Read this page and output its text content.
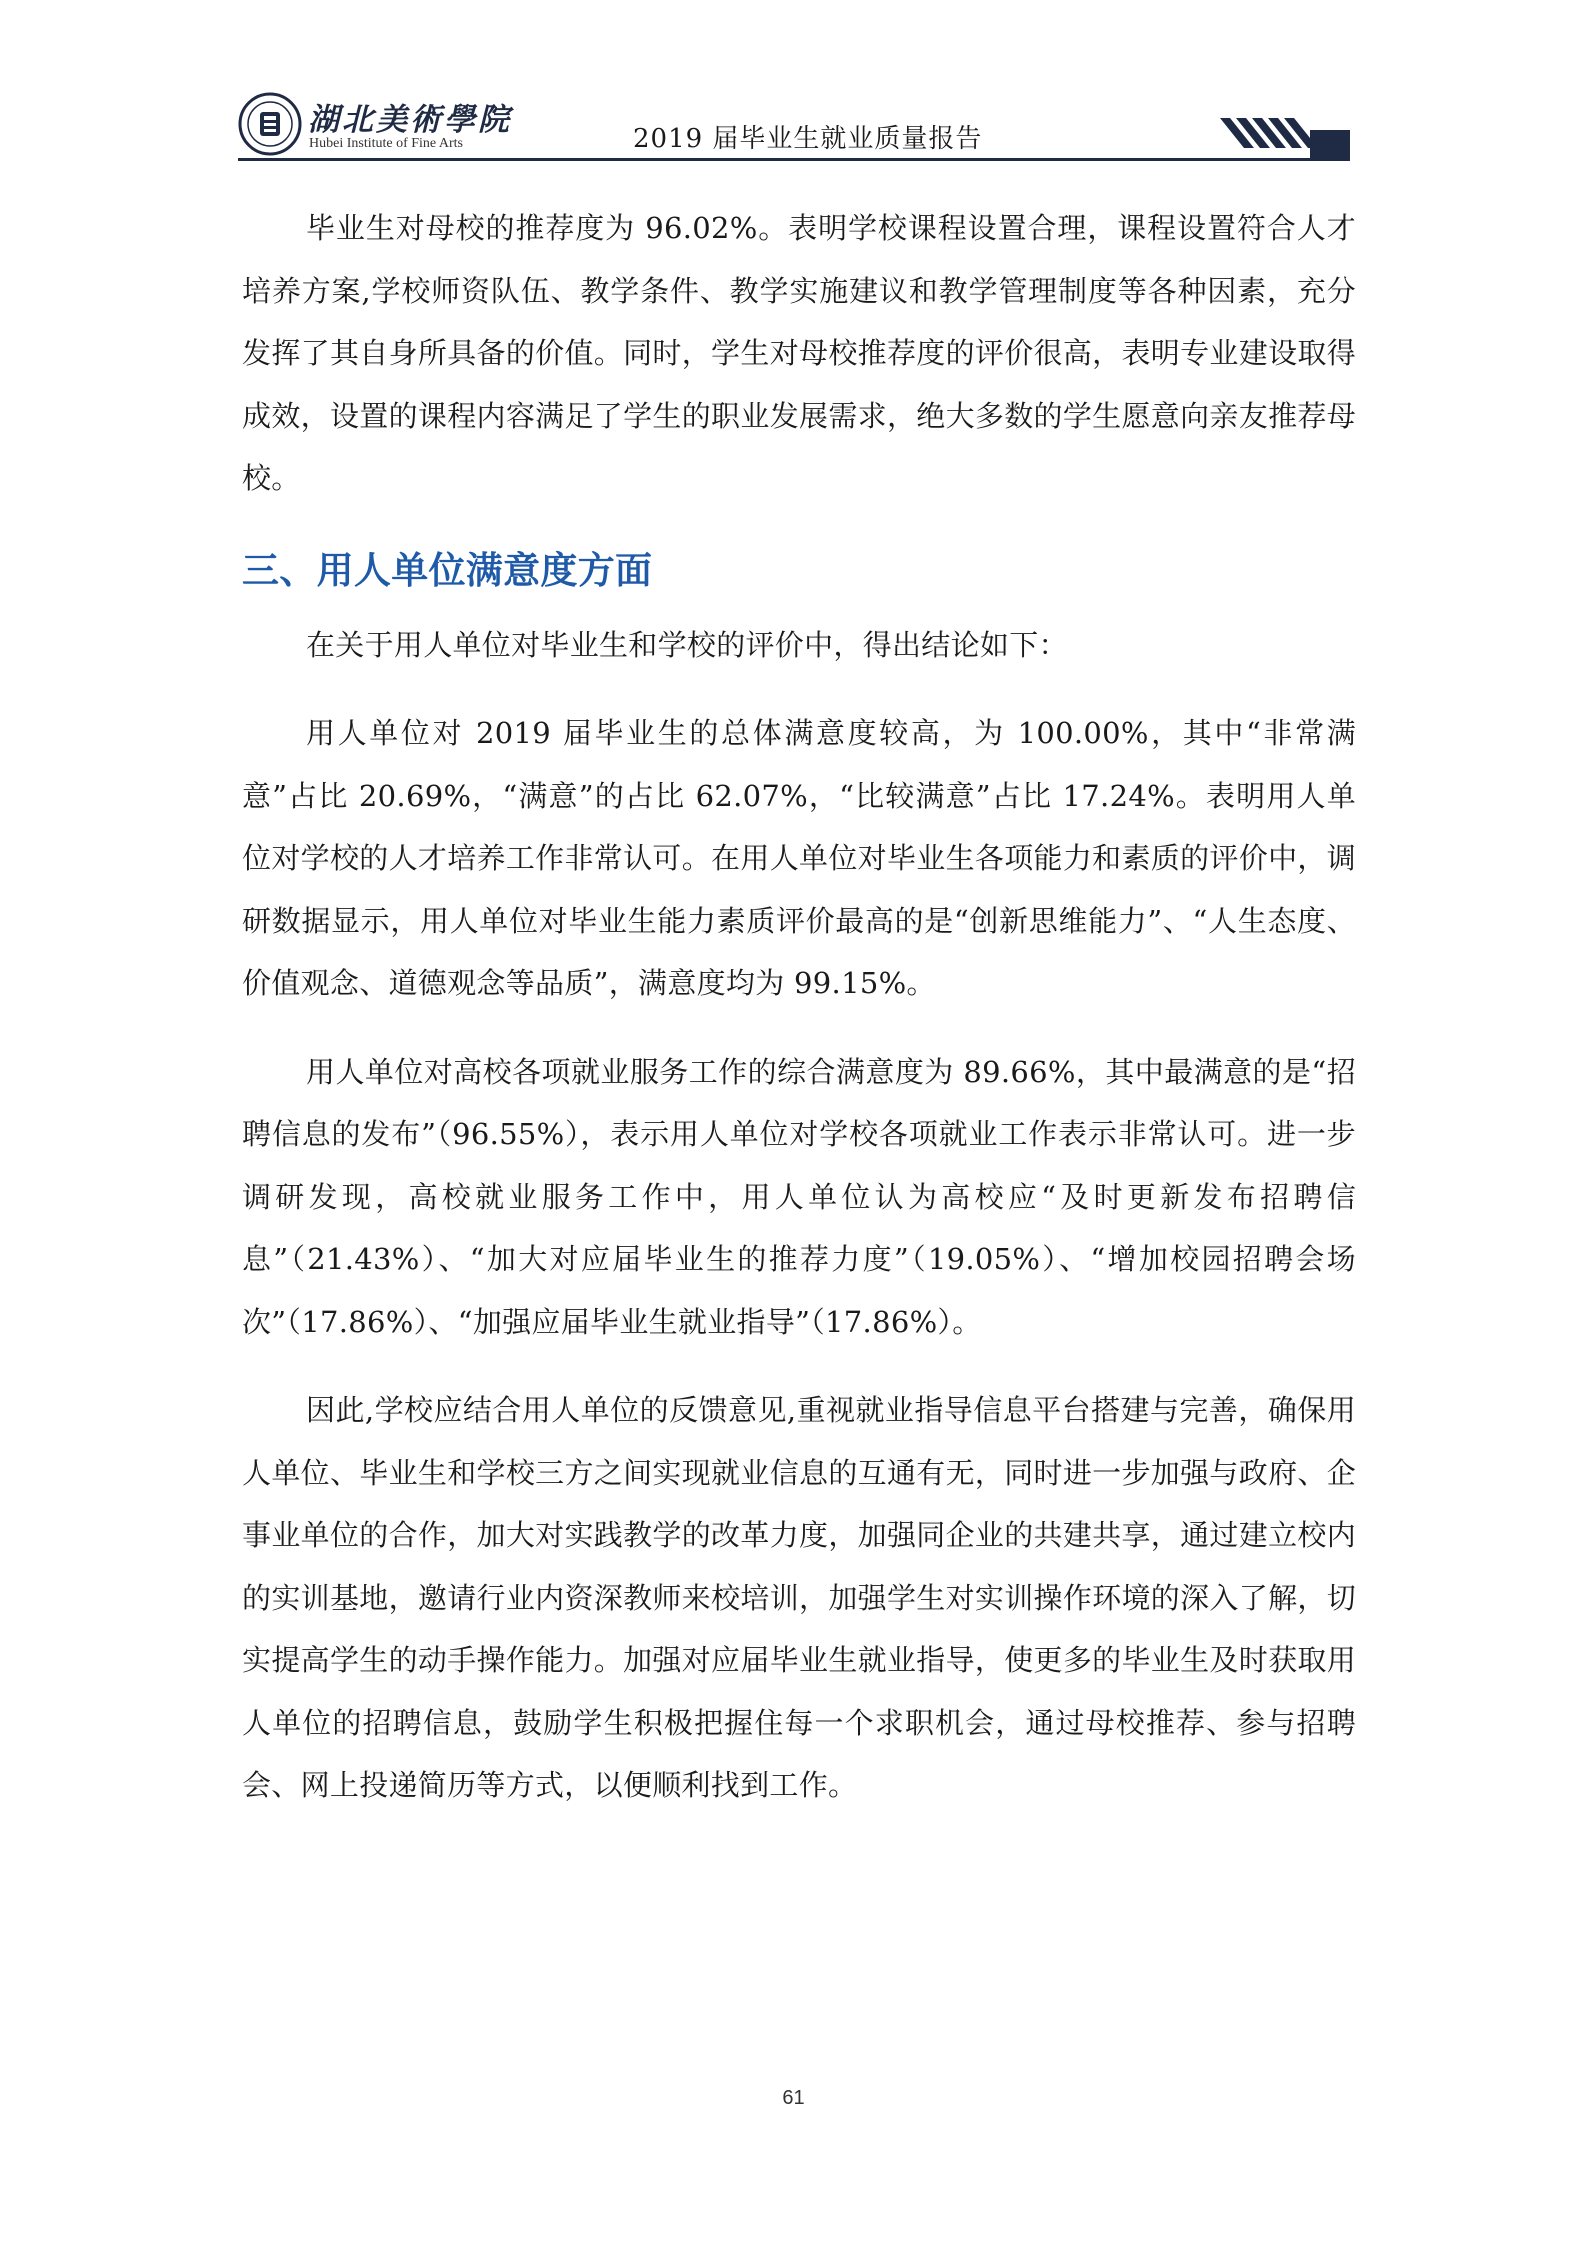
湖北美術學院
Hubei Institute of Fine Arts	2019 届毕业生就业质量报告

毕业生对母校的推荐度为 96.02%。表明学校课程设置合理，课程设置符合人才培养方案,学校师资队伍、教学条件、教学实施建议和教学管理制度等各种因素，充分发挥了其自身所具备的价值。同时，学生对母校推荐度的评价很高，表明专业建设取得成效，设置的课程内容满足了学生的职业发展需求，绝大多数的学生愿意向亲友推荐母校。

三、用人单位满意度方面

在关于用人单位对毕业生和学校的评价中，得出结论如下：

用人单位对 2019 届毕业生的总体满意度较高，为 100.00%，其中“非常满意”占比 20.69%，“满意”的占比 62.07%，“比较满意”占比 17.24%。表明用人单位对学校的人才培养工作非常认可。在用人单位对毕业生各项能力和素质的评价中，调研数据显示，用人单位对毕业生能力素质评价最高的是“创新思维能力”、“人生态度、价值观念、道德观念等品质”，满意度均为 99.15%。

用人单位对高校各项就业服务工作的综合满意度为 89.66%，其中最满意的是“招聘信息的发布”（96.55%），表示用人单位对学校各项就业工作表示非常认可。进一步调研发现，高校就业服务工作中，用人单位认为高校应“及时更新发布招聘信息”（21.43%）、“加大对应届毕业生的推荐力度”（19.05%）、“增加校园招聘会场次”（17.86%）、“加强应届毕业生就业指导”（17.86%）。

因此,学校应结合用人单位的反馈意见,重视就业指导信息平台搭建与完善，确保用人单位、毕业生和学校三方之间实现就业信息的互通有无，同时进一步加强与政府、企事业单位的合作，加大对实践教学的改革力度，加强同企业的共建共享，通过建立校内的实训基地，邀请行业内资深教师来校培训，加强学生对实训操作环境的深入了解，切实提高学生的动手操作能力。加强对应届毕业生就业指导，使更多的毕业生及时获取用人单位的招聘信息，鼓励学生积极把握住每一个求职机会，通过母校推荐、参与招聘会、网上投递简历等方式，以便顺利找到工作。

61
